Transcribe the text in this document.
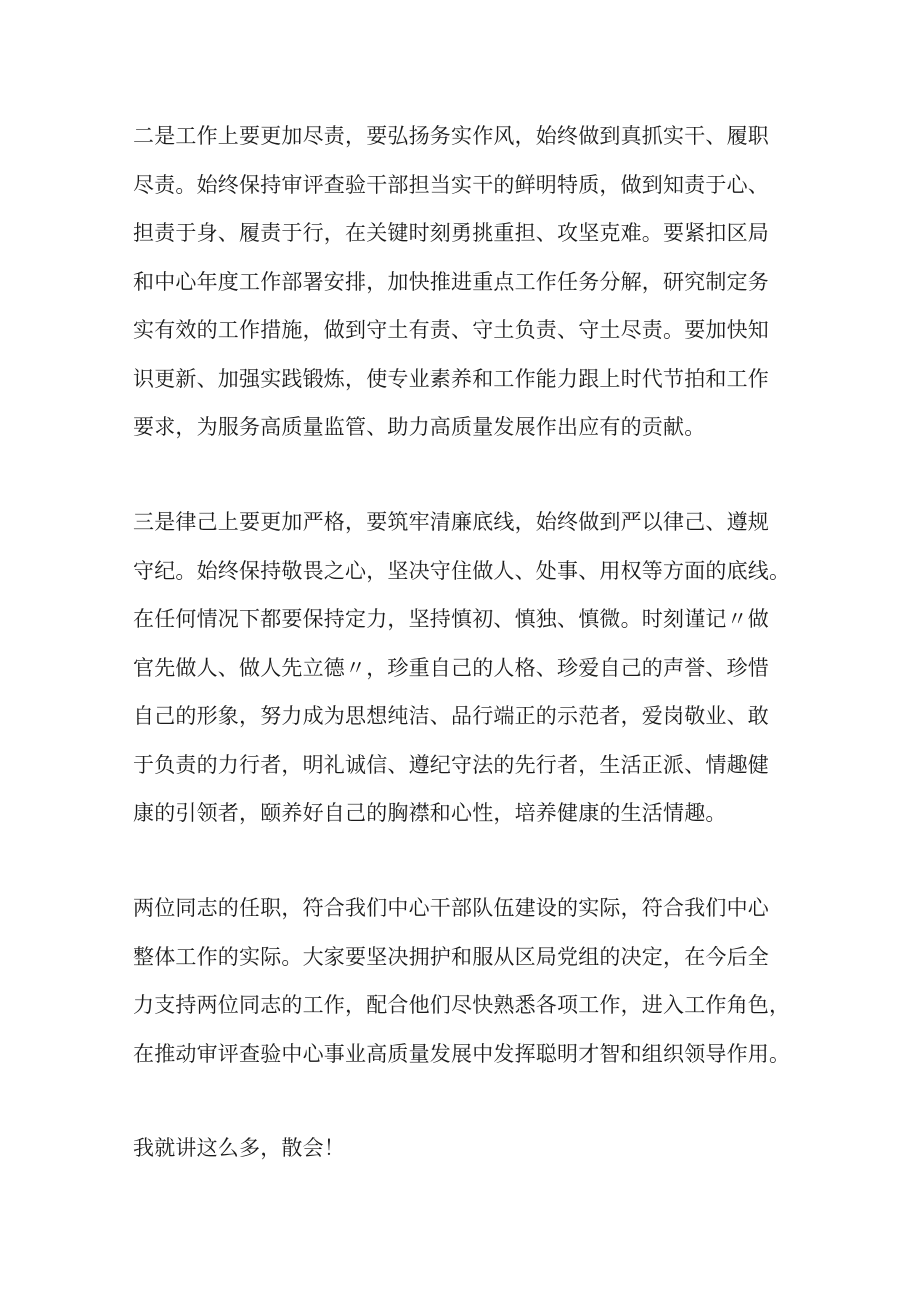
二是工作上要更加尽责，要弘扬务实作风，始终做到真抓实干、履职
尽责。始终保持审评查验干部担当实干的鲜明特质，做到知责于心、
担责于身、履责于行，在关键时刻勇挑重担、攻坚克难。要紧扣区局
和中心年度工作部署安排，加快推进重点工作任务分解，研究制定务
实有效的工作措施，做到守土有责、守土负责、守土尽责。要加快知
识更新、加强实践锻炼，使专业素养和工作能力跟上时代节拍和工作
要求，为服务高质量监管、助力高质量发展作出应有的贡献。
三是律己上要更加严格，要筑牢清廉底线，始终做到严以律己、遵规
守纪。始终保持敬畏之心，坚决守住做人、处事、用权等方面的底线。
在任何情况下都要保持定力，坚持慎初、慎独、慎微。时刻谨记〃做
官先做人、做人先立德〃，珍重自己的人格、珍爱自己的声誉、珍惜
自己的形象，努力成为思想纯洁、品行端正的示范者，爱岗敬业、敢
于负责的力行者，明礼诚信、遵纪守法的先行者，生活正派、情趣健
康的引领者，颐养好自己的胸襟和心性，培养健康的生活情趣。
两位同志的任职，符合我们中心干部队伍建设的实际，符合我们中心
整体工作的实际。大家要坚决拥护和服从区局党组的决定，在今后全
力支持两位同志的工作，配合他们尽快熟悉各项工作，进入工作角色，
在推动审评查验中心事业高质量发展中发挥聪明才智和组织领导作用。
我就讲这么多，散会！
